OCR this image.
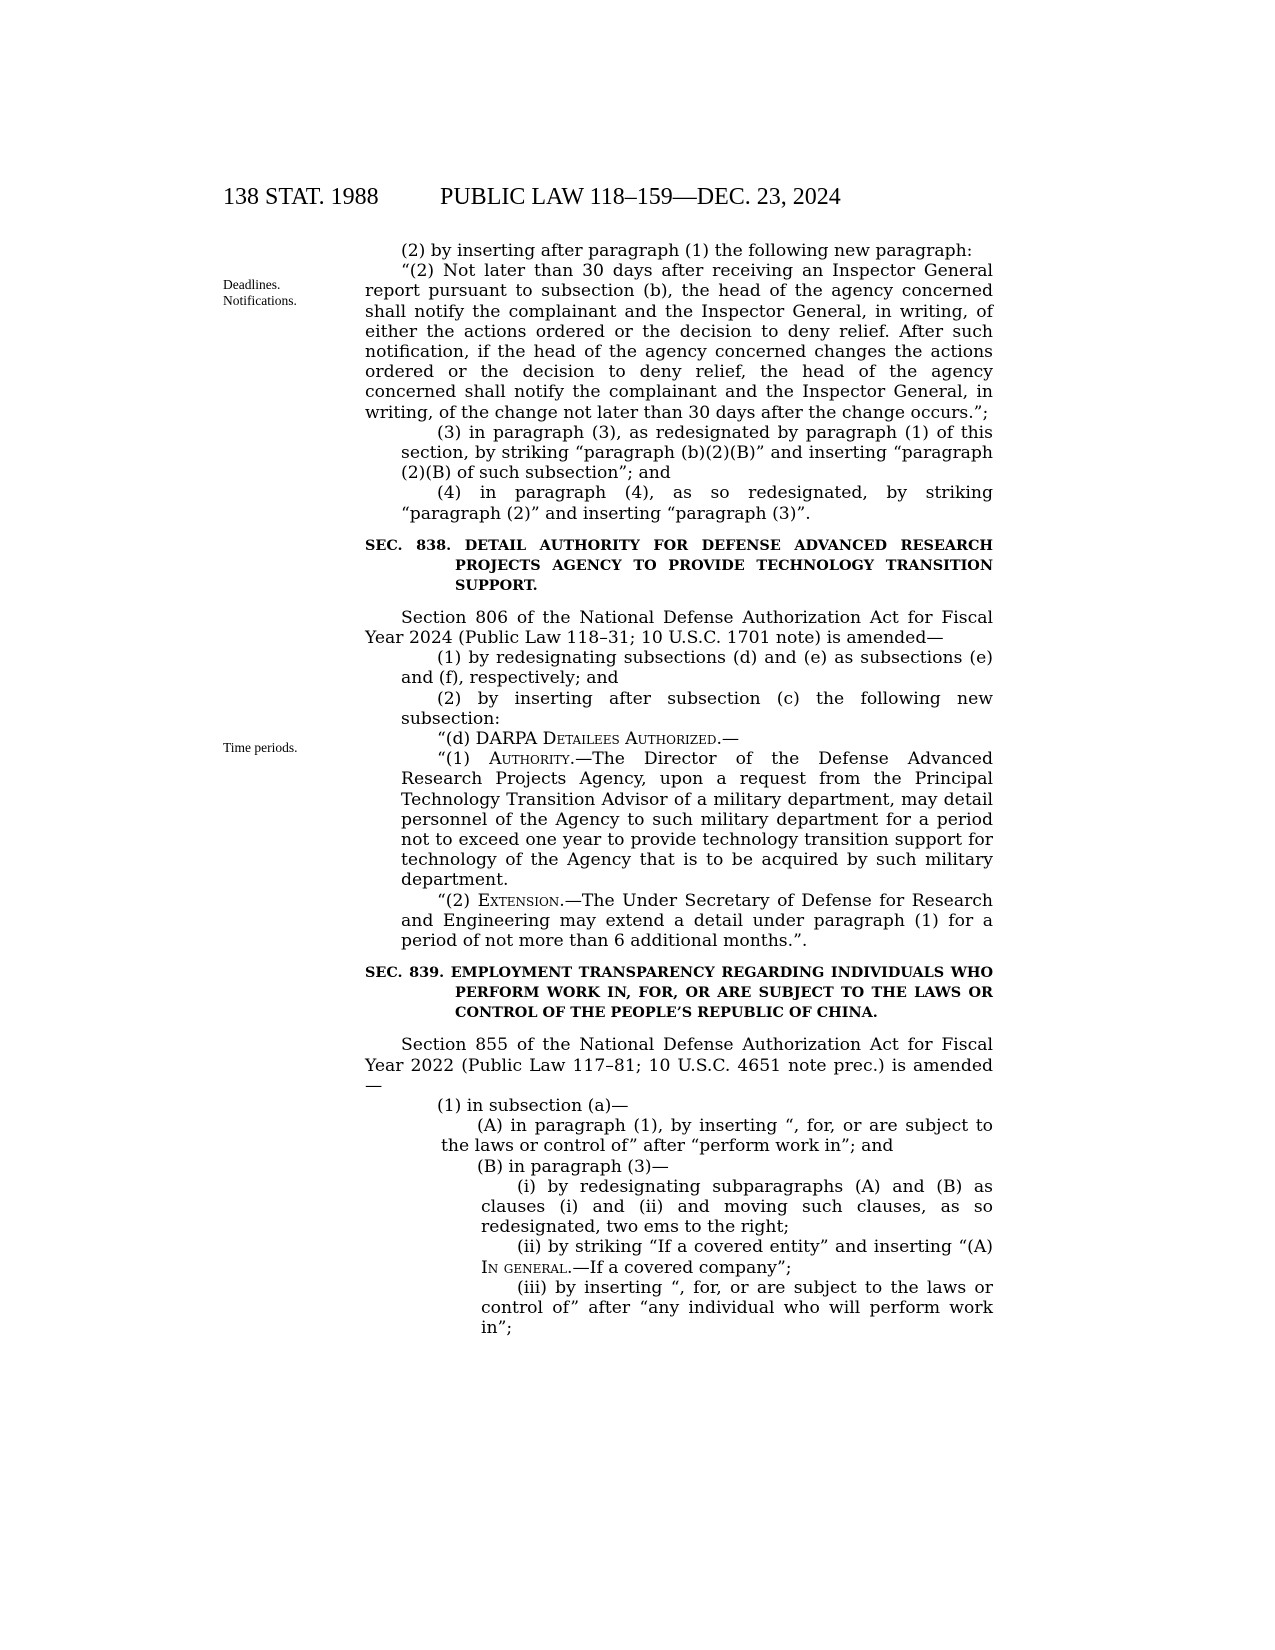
138 STAT. 1988	PUBLIC LAW 118–159—DEC. 23, 2024
Deadlines.
Notifications.
Time periods.

(2) by inserting after paragraph (1) the following new paragraph:

“(2) Not later than 30 days after receiving an Inspector General report pursuant to subsection (b), the head of the agency concerned shall notify the complainant and the Inspector General, in writing, of either the actions ordered or the decision to deny relief. After such notification, if the head of the agency concerned changes the actions ordered or the decision to deny relief, the head of the agency concerned shall notify the complainant and the Inspector General, in writing, of the change not later than 30 days after the change occurs.”;

(3) in paragraph (3), as redesignated by paragraph (1) of this section, by striking “paragraph (b)(2)(B)” and inserting “paragraph (2)(B) of such subsection”; and

(4) in paragraph (4), as so redesignated, by striking “paragraph (2)” and inserting “paragraph (3)”.

SEC. 838. DETAIL AUTHORITY FOR DEFENSE ADVANCED RESEARCH PROJECTS AGENCY TO PROVIDE TECHNOLOGY TRANSITION SUPPORT.

Section 806 of the National Defense Authorization Act for Fiscal Year 2024 (Public Law 118–31; 10 U.S.C. 1701 note) is amended—

(1) by redesignating subsections (d) and (e) as subsections (e) and (f), respectively; and

(2) by inserting after subsection (c) the following new subsection:

“(d) DARPA Detailees Authorized.—

“(1) Authority.—The Director of the Defense Advanced Research Projects Agency, upon a request from the Principal Technology Transition Advisor of a military department, may detail personnel of the Agency to such military department for a period not to exceed one year to provide technology transition support for technology of the Agency that is to be acquired by such military department.

“(2) Extension.—The Under Secretary of Defense for Research and Engineering may extend a detail under paragraph (1) for a period of not more than 6 additional months.”.

SEC. 839. EMPLOYMENT TRANSPARENCY REGARDING INDIVIDUALS WHO PERFORM WORK IN, FOR, OR ARE SUBJECT TO THE LAWS OR CONTROL OF THE PEOPLE’S REPUBLIC OF CHINA.

Section 855 of the National Defense Authorization Act for Fiscal Year 2022 (Public Law 117–81; 10 U.S.C. 4651 note prec.) is amended—

(1) in subsection (a)—

(A) in paragraph (1), by inserting “, for, or are subject to the laws or control of” after “perform work in”; and

(B) in paragraph (3)—

(i) by redesignating subparagraphs (A) and (B) as clauses (i) and (ii) and moving such clauses, as so redesignated, two ems to the right;

(ii) by striking “If a covered entity” and inserting “(A) In general.—If a covered company”;

(iii) by inserting “, for, or are subject to the laws or control of” after “any individual who will perform work in”;
